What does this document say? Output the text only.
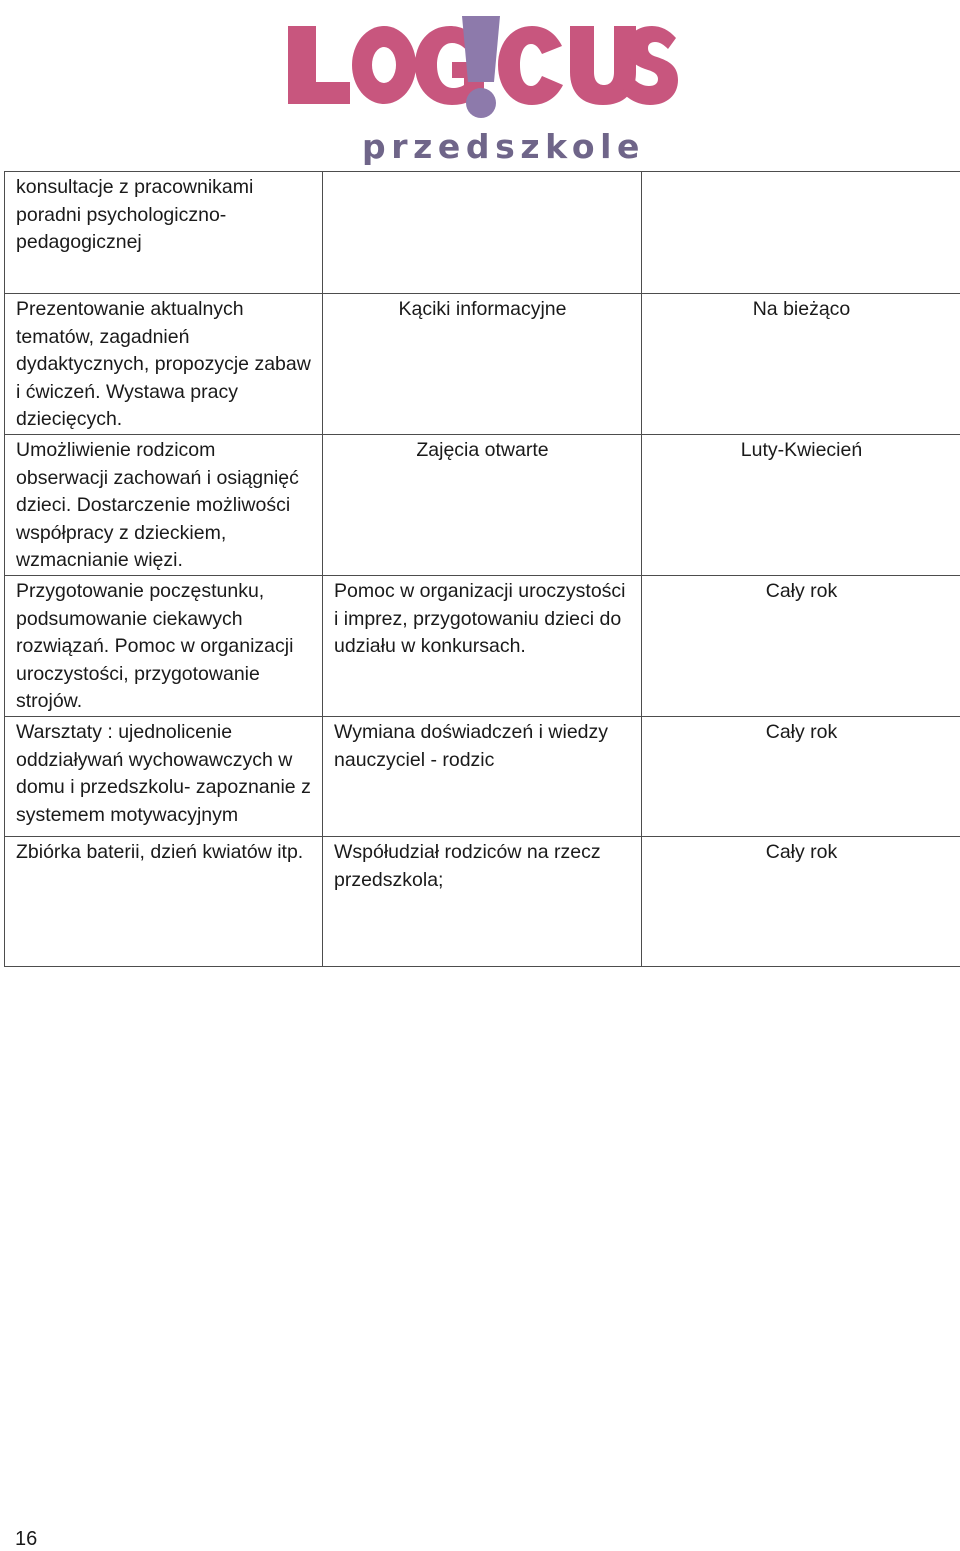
przedszkole
konsultacje z pracownikami poradni psychologiczno-pedagogicznej		
Prezentowanie aktualnych tematów, zagadnień dydaktycznych, propozycje zabaw i ćwiczeń. Wystawa pracy dziecięcych.	Kąciki informacyjne	Na bieżąco
Umożliwienie rodzicom obserwacji zachowań i osiągnięć dzieci. Dostarczenie możliwości współpracy z dzieckiem, wzmacnianie więzi.	Zajęcia otwarte	Luty-Kwiecień
Przygotowanie poczęstunku, podsumowanie ciekawych rozwiązań. Pomoc w organizacji uroczystości, przygotowanie strojów.	Pomoc w organizacji uroczystości i imprez, przygotowaniu dzieci do udziału w konkursach.	Cały rok
Warsztaty : ujednolicenie oddziaływań wychowawczych w domu i przedszkolu- zapoznanie z systemem motywacyjnym	Wymiana doświadczeń i wiedzy nauczyciel - rodzic	Cały rok
Zbiórka baterii, dzień kwiatów itp.	Współudział rodziców na rzecz przedszkola;	Cały rok
16
